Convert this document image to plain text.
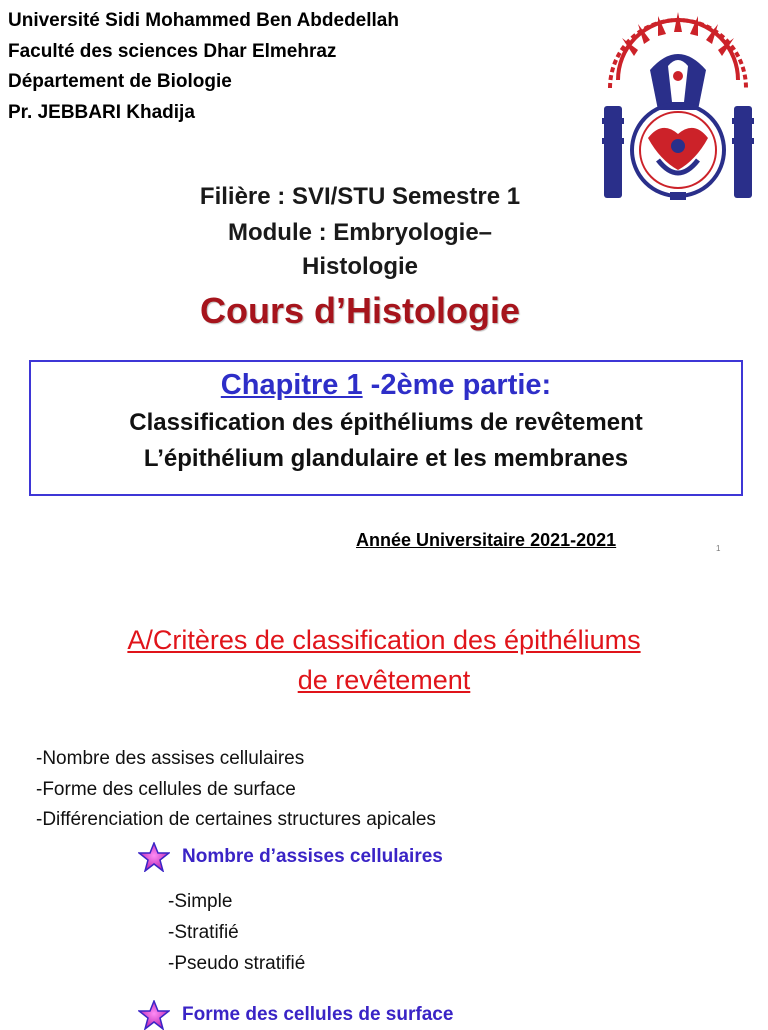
Université Sidi Mohammed Ben Abdedellah
Faculté des sciences Dhar Elmehraz
Département de Biologie
Pr. JEBBARI Khadija
Filière : SVI/STU Semestre 1
Module : Embryologie–
Histologie
Cours d’Histologie
Chapitre 1 -2ème partie:
Classification des épithéliums de revêtement
L’épithélium glandulaire et les membranes
Année Universitaire 2021-2021	1
A/Critères de classification des épithéliums
de revêtement
-Nombre des assises cellulaires
-Forme des cellules de surface
-Différenciation de certaines structures apicales
Nombre d’assises cellulaires
-Simple
-Stratifié
-Pseudo stratifié
Forme des cellules de surface
